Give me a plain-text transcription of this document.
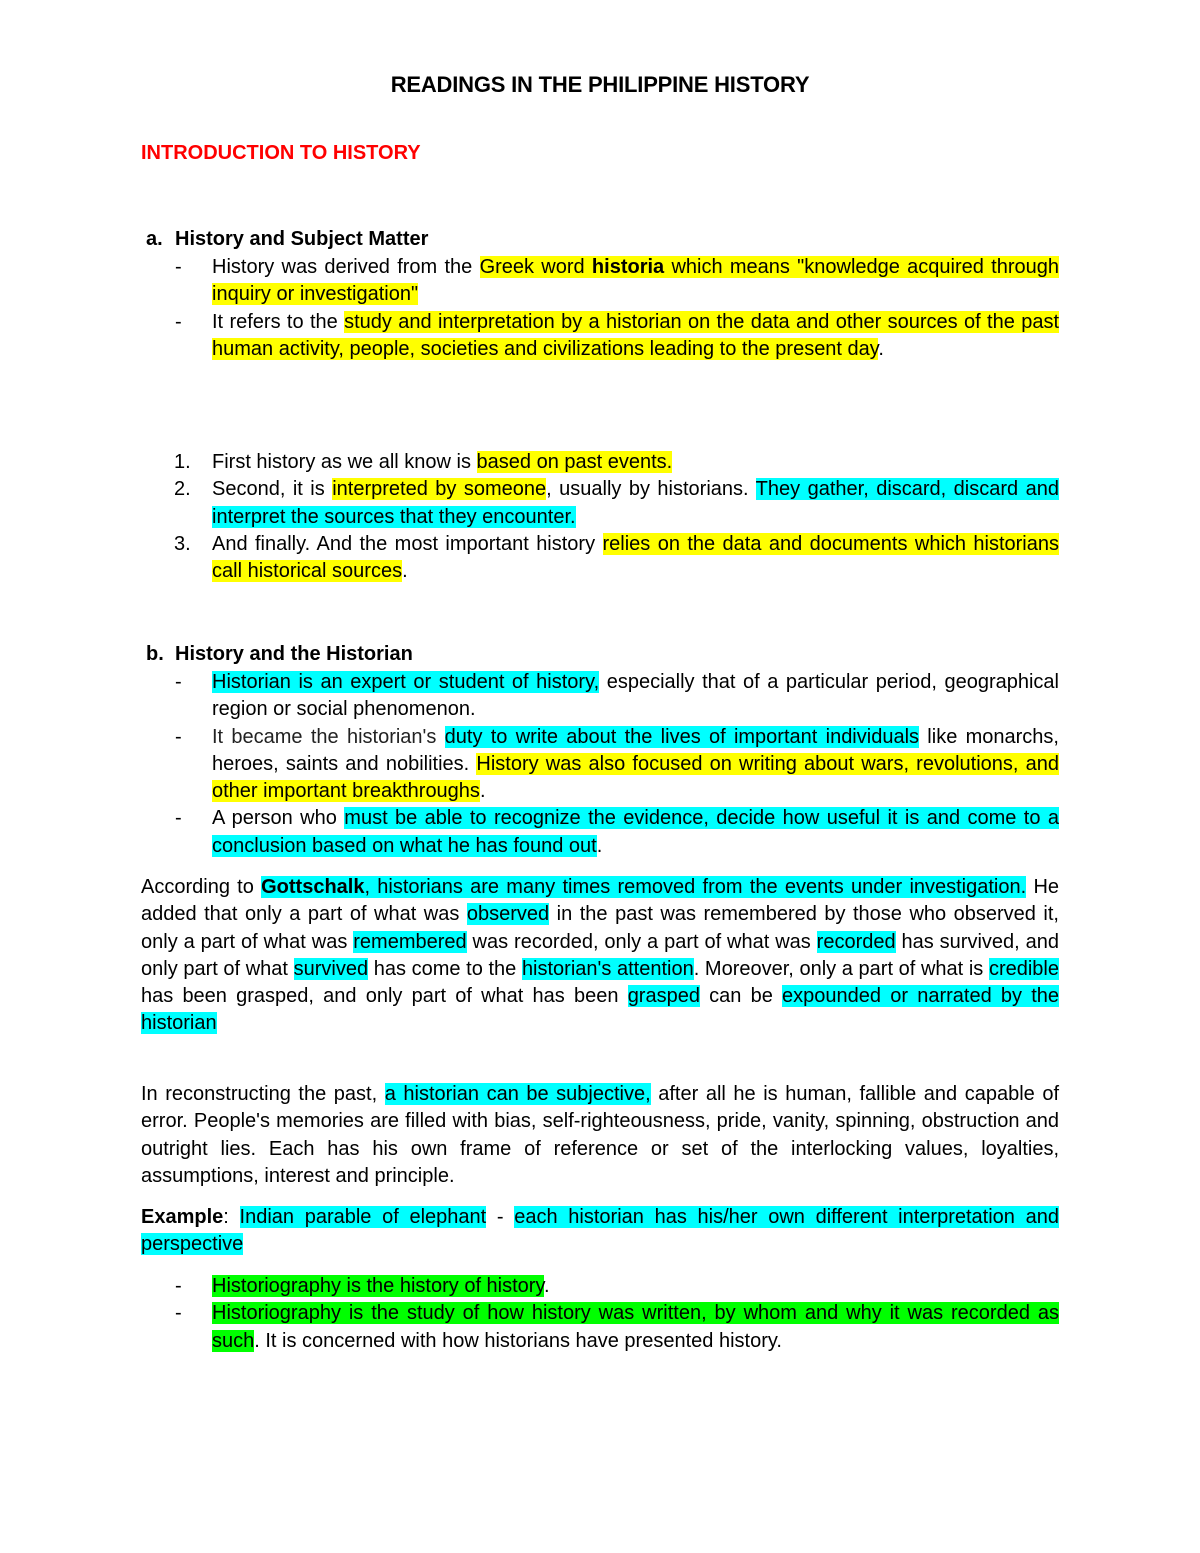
READINGS IN THE PHILIPPINE HISTORY
INTRODUCTION TO HISTORY
a. History and Subject Matter
- History was derived from the Greek word historia which means "knowledge acquired through inquiry or investigation"
- It refers to the study and interpretation by a historian on the data and other sources of the past human activity, people, societies and civilizations leading to the present day.
1. First history as we all know is based on past events.
2. Second, it is interpreted by someone, usually by historians. They gather, discard, discard and interpret the sources that they encounter.
3. And finally. And the most important history relies on the data and documents which historians call historical sources.
b. History and the Historian
- Historian is an expert or student of history, especially that of a particular period, geographical region or social phenomenon.
- It became the historian's duty to write about the lives of important individuals like monarchs, heroes, saints and nobilities. History was also focused on writing about wars, revolutions, and other important breakthroughs.
- A person who must be able to recognize the evidence, decide how useful it is and come to a conclusion based on what he has found out.
According to Gottschalk, historians are many times removed from the events under investigation. He added that only a part of what was observed in the past was remembered by those who observed it, only a part of what was remembered was recorded, only a part of what was recorded has survived, and only part of what survived has come to the historian's attention. Moreover, only a part of what is credible has been grasped, and only part of what has been grasped can be expounded or narrated by the historian
In reconstructing the past, a historian can be subjective, after all he is human, fallible and capable of error. People's memories are filled with bias, self-righteousness, pride, vanity, spinning, obstruction and outright lies. Each has his own frame of reference or set of the interlocking values, loyalties, assumptions, interest and principle.
Example: Indian parable of elephant - each historian has his/her own different interpretation and perspective
- Historiography is the history of history.
- Historiography is the study of how history was written, by whom and why it was recorded as such. It is concerned with how historians have presented history.
